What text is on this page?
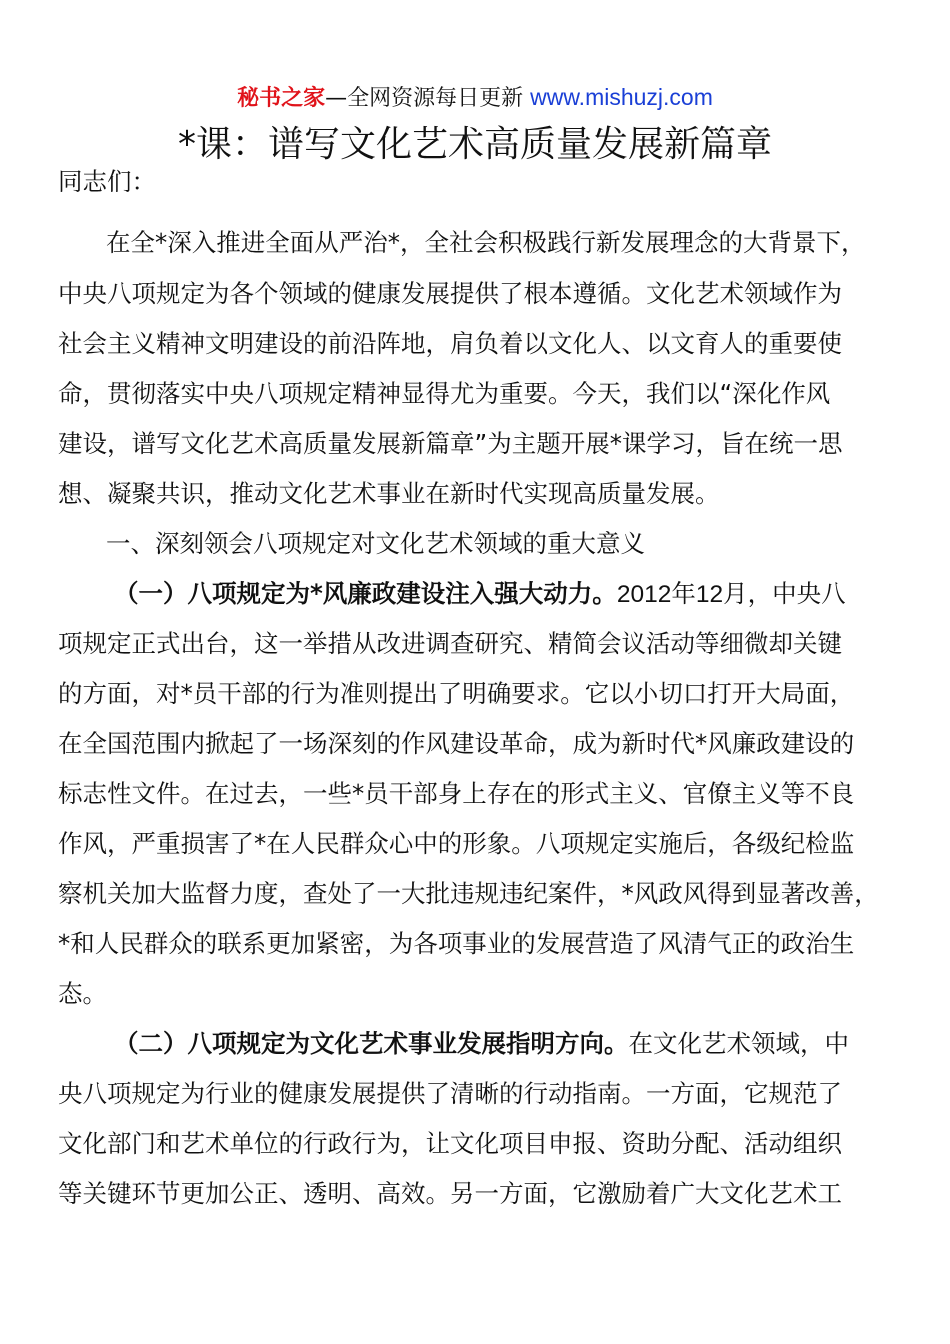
秘书之家—全网资源每日更新 www.mishuzj.com
*课：谱写文化艺术高质量发展新篇章

同志们：

在全*深入推进全面从严治*，全社会积极践行新发展理念的大背景下，

中央八项规定为各个领域的健康发展提供了根本遵循。文化艺术领域作为

社会主义精神文明建设的前沿阵地，肩负着以文化人、以文育人的重要使

命，贯彻落实中央八项规定精神显得尤为重要。今天，我们以“深化作风

建设，谱写文化艺术高质量发展新篇章”为主题开展*课学习，旨在统一思

想、凝聚共识，推动文化艺术事业在新时代实现高质量发展。

一、深刻领会八项规定对文化艺术领域的重大意义

（一）八项规定为*风廉政建设注入强大动力。2012年12月，中央八

项规定正式出台，这一举措从改进调查研究、精简会议活动等细微却关键

的方面，对*员干部的行为准则提出了明确要求。它以小切口打开大局面，

在全国范围内掀起了一场深刻的作风建设革命，成为新时代*风廉政建设的

标志性文件。在过去，一些*员干部身上存在的形式主义、官僚主义等不良

作风，严重损害了*在人民群众心中的形象。八项规定实施后，各级纪检监

察机关加大监督力度，查处了一大批违规违纪案件，*风政风得到显著改善，

*和人民群众的联系更加紧密，为各项事业的发展营造了风清气正的政治生

态。

（二）八项规定为文化艺术事业发展指明方向。在文化艺术领域，中

央八项规定为行业的健康发展提供了清晰的行动指南。一方面，它规范了

文化部门和艺术单位的行政行为，让文化项目申报、资助分配、活动组织

等关键环节更加公正、透明、高效。另一方面，它激励着广大文化艺术工
